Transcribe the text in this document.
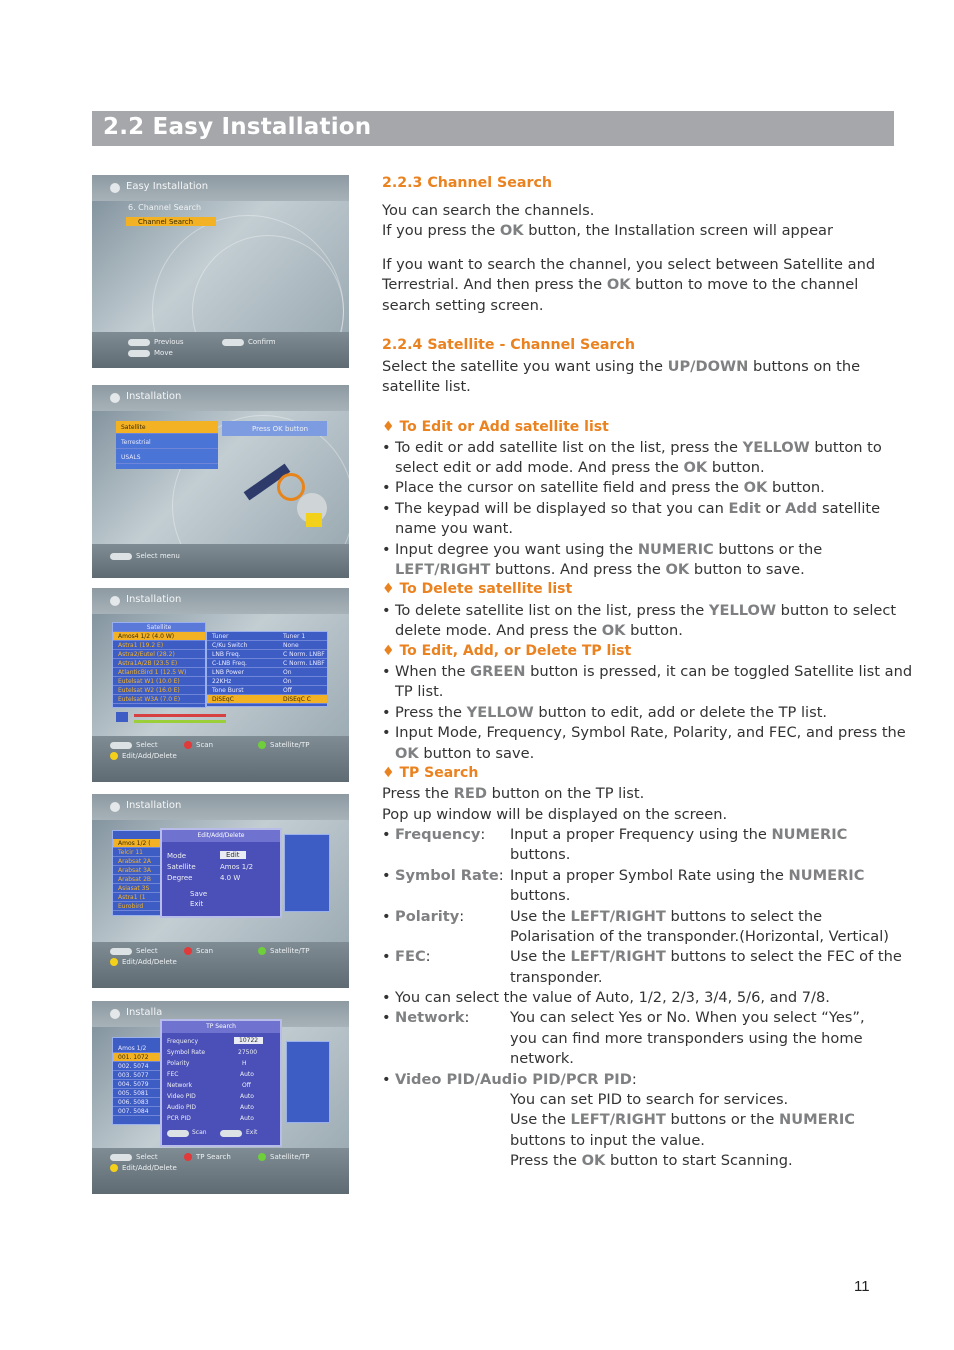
2.2 Easy Installation
Easy Installation
6. Channel Search
Channel Search
Previous	Confirm
Move
Installation
Satellite
Terrestrial
USALS
Press OK button
Select menu
Installation
Satellite
Amos4 1/2 (4.0 W)
Astra1 (19.2 E)
Astra2/Eutel (28.2)
Astra1A/2B (23.5 E)
AtlanticBird 1 (12.5 W)
Eutelsat W1 (10.0 E)
Eutelsat W2 (16.0 E)
Eutelsat W3A (7.0 E)
Tuner	Tuner 1
C/Ku Switch	None
LNB Freq.	C Norm. LNBF
C-LNB Freq.	C Norm. LNBF
LNB Power	On
22KHz	On
Tone Burst	Off
DiSEqC	DiSEqC C
Select	Scan	Satellite/TP
Edit/Add/Delete
Installation
Amos 1/2 (
Telcir 11
Arabsat 2A
Arabsat 3A
Arabsat 2B
Asiasat 3S
Astra1 (1
Eurobird
Edit/Add/Delete
Mode	Edit
Satellite	Amos 1/2
Degree	4.0 W
Save
Exit
Select	Scan	Satellite/TP
Edit/Add/Delete
Installa
Amos 1/2
001. 1072
002. 5074
003. 5077
004. 5079
005. 5081
006. 5083
007. 5084
TP Search
Frequency	10722
Symbol Rate	27500
Polarity	H
FEC	Auto
Network	Off
Video PID	Auto
Audio PID	Auto
PCR PID	Auto
Scan	Exit
Select	TP Search	Satellite/TP
Edit/Add/Delete
2.2.3 Channel Search
You can search the channels.
If you press the OK button, the Installation screen will appear
If you want to search the channel, you select between Satellite and
Terrestrial. And then press the OK button to move to the channel
search setting screen.
2.2.4 Satellite - Channel Search
Select the satellite you want using the UP/DOWN buttons on the
satellite list.
♦ To Edit or Add satellite list
• To edit or add satellite list on the list, press the YELLOW button to
select edit or add mode. And press the OK button.
• Place the cursor on satellite field and press the OK button.
• The keypad will be displayed so that you can Edit or Add satellite
name you want.
• Input degree you want using the NUMERIC buttons or the
LEFT/RIGHT buttons. And press the OK button to save.
♦ To Delete satellite list
• To delete satellite list on the list, press the YELLOW button to select
delete mode. And press the OK button.
♦ To Edit, Add, or Delete TP list
• When the GREEN button is pressed, it can be toggled Satellite list and
TP list.
• Press the YELLOW button to edit, add or delete the TP list.
• Input Mode, Frequency, Symbol Rate, Polarity, and FEC, and press the
OK button to save.
♦ TP Search
Press the RED button on the TP list.
Pop up window will be displayed on the screen.
• Frequency: Input a proper Frequency using the NUMERIC
buttons.
• Symbol Rate: Input a proper Symbol Rate using the NUMERIC
buttons.
• Polarity:	Use the LEFT/RIGHT buttons to select the
Polarisation of the transponder.(Horizontal, Vertical)
• FEC:	Use the LEFT/RIGHT buttons to select the FEC of the
transponder.
• You can select the value of Auto, 1/2, 2/3, 3/4, 5/6, and 7/8.
• Network:	You can select Yes or No. When you select “Yes”,
you can find more transponders using the home
network.
• Video PID/Audio PID/PCR PID:
You can set PID to search for services.
Use the LEFT/RIGHT buttons or the NUMERIC
buttons to input the value.
Press the OK button to start Scanning.
11
